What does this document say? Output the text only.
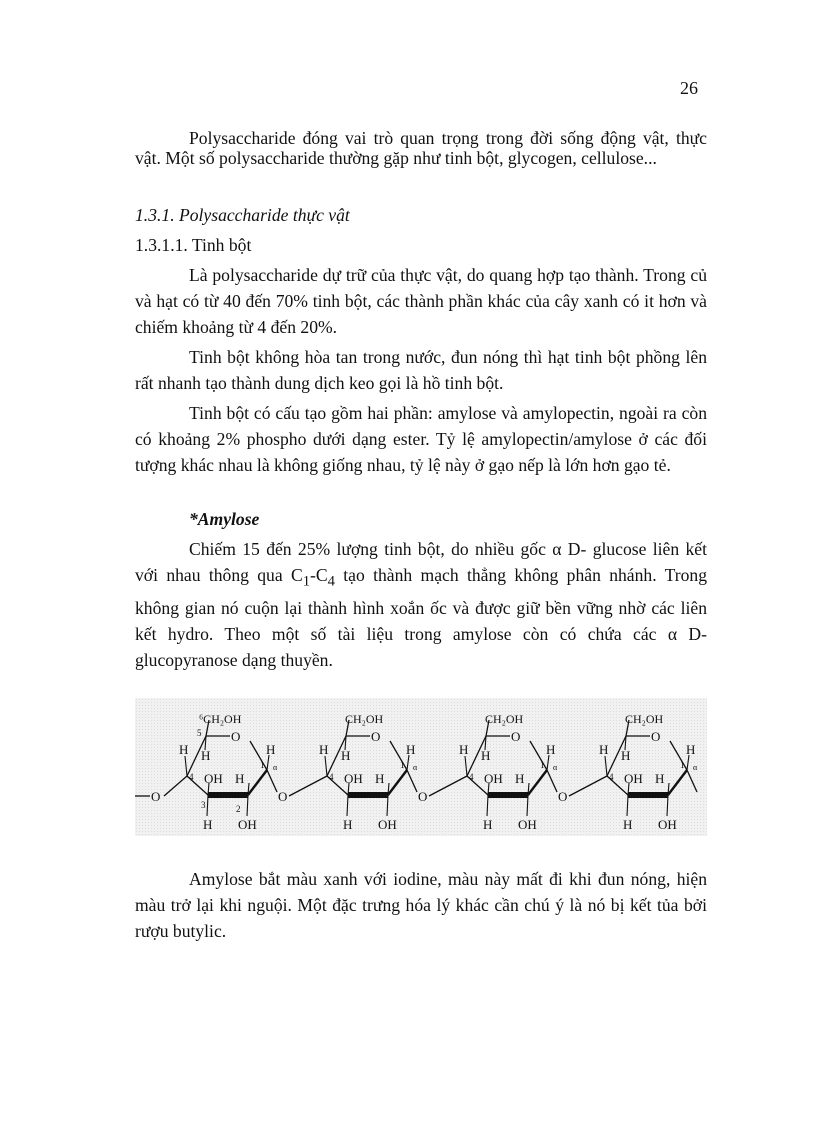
26

Polysaccharide đóng vai trò quan trọng trong đời sống động vật, thực vật. Một số polysaccharide thường gặp như tinh bột, glycogen, cellulose...

1.3.1. Polysaccharide thực vật

1.3.1.1. Tinh bột

Là polysaccharide dự trữ của thực vật, do quang hợp tạo thành. Trong củ và hạt có từ 40 đến 70% tinh bột, các thành phần khác của cây xanh có it hơn và chiếm khoảng từ 4 đến 20%.

Tinh bột không hòa tan trong nước, đun nóng thì hạt tinh bột phồng lên rất nhanh tạo thành dung dịch keo gọi là hồ tinh bột.

Tinh bột có cấu tạo gồm hai phần: amylose và amylopectin, ngoài ra còn có khoảng 2% phospho dưới dạng ester. Tỷ lệ amylopectin/amylose ở các đối tượng khác nhau là không giống nhau, tỷ lệ này ở gạo nếp là lớn hơn gạo tẻ.

*Amylose

Chiếm 15 đến 25% lượng tinh bột, do nhiều gốc α D- glucose liên kết với nhau thông qua $C_1-C_4$ tạo thành mạch thẳng không phân nhánh. Trong không gian nó cuộn lại thành hình xoắn ốc và được giữ bền vững nhờ các liên kết hydro. Theo một số tài liệu trong amylose còn có chứa các α D- glucopyranose dạng thuyền.

O
⁶CH₂OH
O
5
H H	H
4
1 α
OH H
3	2
H OH
O
CH₂OH
O
H H	H
4
1 α
OH H
H OH
O
CH₂OH
O
H H	H
4
1 α
OH H
H OH
O
CH₂OH
O
H H	H
4
1 α
OH H
H OH

Amylose bắt màu xanh với iodine, màu này mất đi khi đun nóng, hiện màu trở lại khi nguội. Một đặc trưng hóa lý khác cần chú ý là nó bị kết tủa bởi rượu butylic.
